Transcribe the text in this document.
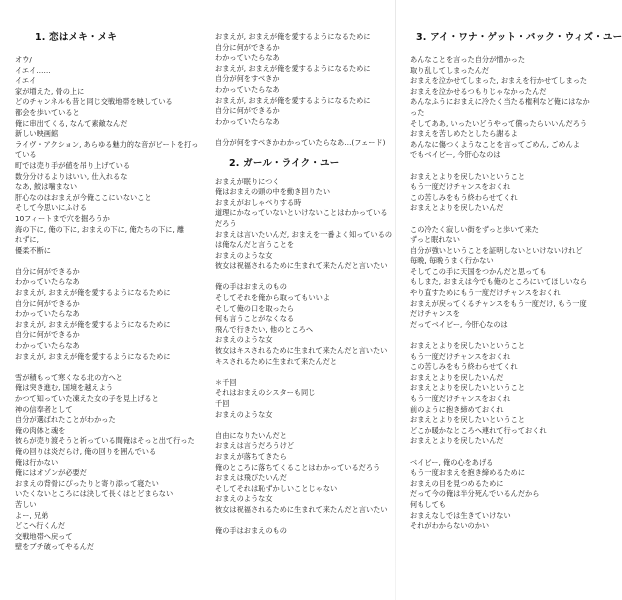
1. 恋はメキ・メキ
オウ/
イエイ……
イエイ
家が増えた, 骨の上に
どのチャンネルも昔と同じ交戦地帯を映している
都会を歩いていると
俺に串出てくる, なんて素敵なんだ
新しい映画館
ライヴ・アクション, あらゆる魅力的な音がビートを打っ
ている
町では売り手が値を吊り上げている
数分分けるよりはいい, 仕入れるな
なあ, 鮫は噛まない
肝心なのはおまえが今俺ここにいないこと
そして今思いにふける
10フィートまで穴を掘ろうか
海の下に, 俺の下に, おまえの下に, 俺たちの下に, 離
れずに,
優柔不断に
自分に何ができるか
わかっていたらなあ
おまえが, おまえが俺を愛するようになるために
自分に何ができるか
わかっていたらなあ
おまえが, おまえが俺を愛するようになるために
自分に何ができるか
わかっていたらなあ
おまえが, おまえが俺を愛するようになるために
雪が積もって寒くなる北の方へと
俺は突き進む, 国境を越えよう
かつて知っていた凍えた女の子を見上げると
神の信奉者として
自分が選ばれたことがわかった
俺の肉体と魂を
彼らが売り渡そうと祈っている間俺はそっと出て行った
俺の回りは炎だらけ, 俺の回りを囲んでいる
俺は行かない
俺にはオゾンが必要だ
おまえの背骨にぴったりと寄り添って寝たい
いたくないところには決して長くはとどまらない
苦しい
よー, 兄弟
どこへ行くんだ
交戦地帯へ戻って
壁をブチ破ってやるんだ
おまえが, おまえが俺を愛するようになるために
自分に何ができるか
わかっていたらなあ
おまえが, おまえが俺を愛するようになるために
自分が何をすべきか
わかっていたらなあ
おまえが, おまえが俺を愛するようになるために
自分に何ができるか
わかっていたらなあ
自分が何をすべきかわかっていたらなあ…(フェード)
2. ガール・ライク・ユー
おまえが眠りにつく
俺はおまえの頭の中を動き回りたい
おまえがおしゃべりする時
道理にかなっていないといけないことはわかっている
だろう
おまえは言いたいんだ, おまえを一番よく知っているの
は俺なんだと言うことを
おまえのような女
彼女は祝福されるために生まれて来たんだと言いたい
俺の手はおまえのもの
そしてそれを俺から取ってもいいよ
そして俺の口を取ったら
何も言うことがなくなる
飛んで行きたい, 他のところへ
おまえのような女
彼女はキスされるために生まれて来たんだと言いたい
キスされるために生まれて来たんだと
＊千回
それはおまえのシスターも同じ
千回
おまえのような女
自由になりたいんだと
おまえは言うだろうけど
おまえが落ちてきたら
俺のところに落ちてくることはわかっているだろう
おまえは飛びたいんだ
そしてそれは恥ずかしいことじゃない
おまえのような女
彼女は祝福されるために生まれて来たんだと言いたい
俺の手はおまえのもの
3. アイ・ワナ・ゲット・バック・ウィズ・ユー
あんなことを言った自分が憎かった
取り乱してしまったんだ
おまえを泣かせてしまった, おまえを行かせてしまった
おまえを泣かせるつもりじゃなかったんだ
あんなふうにおまえに冷たく当たる権利など俺にはなか
った
そしてああ, いったいどうやって償ったらいいんだろう
おまえを苦しめたとしたら謝るよ
あんなに傷つくようなことを言ってごめん, ごめんよ
でもベイビー, 今肝心なのは
おまえとよりを戻したいということ
もう一度だけチャンスをおくれ
この苦しみをもう終わらせてくれ
おまえとよりを戻したいんだ
この冷たく寂しい街をずっと歩いて来た
ずっと眠れない
自分が強いということを証明しないといけないけれど
毎晩, 毎晩うまく行かない
そしてこの手に天国をつかんだと思っても
もしまた, おまえは今でも俺のところにいてほしいなら
やり直すためにもう一度だけチャンスをおくれ
おまえが戻ってくるチャンスをもう一度だけ, もう一度
だけチャンスを
だってベイビー, 今肝心なのは
おまえとよりを戻したいということ
もう一度だけチャンスをおくれ
この苦しみをもう終わらせてくれ
おまえとよりを戻したいんだ
おまえとよりを戻したいということ
もう一度だけチャンスをおくれ
前のように抱き締めておくれ
おまえとよりを戻したいということ
どこか暖かなところへ連れて行っておくれ
おまえとよりを戻したいんだ
ベイビー, 俺の心をあげる
もう一度おまえを抱き締めるために
おまえの目を見つめるために
だって今の俺は半分死んでいるんだから
何もしても
おまえなしでは生きていけない
それがわからないのかい
